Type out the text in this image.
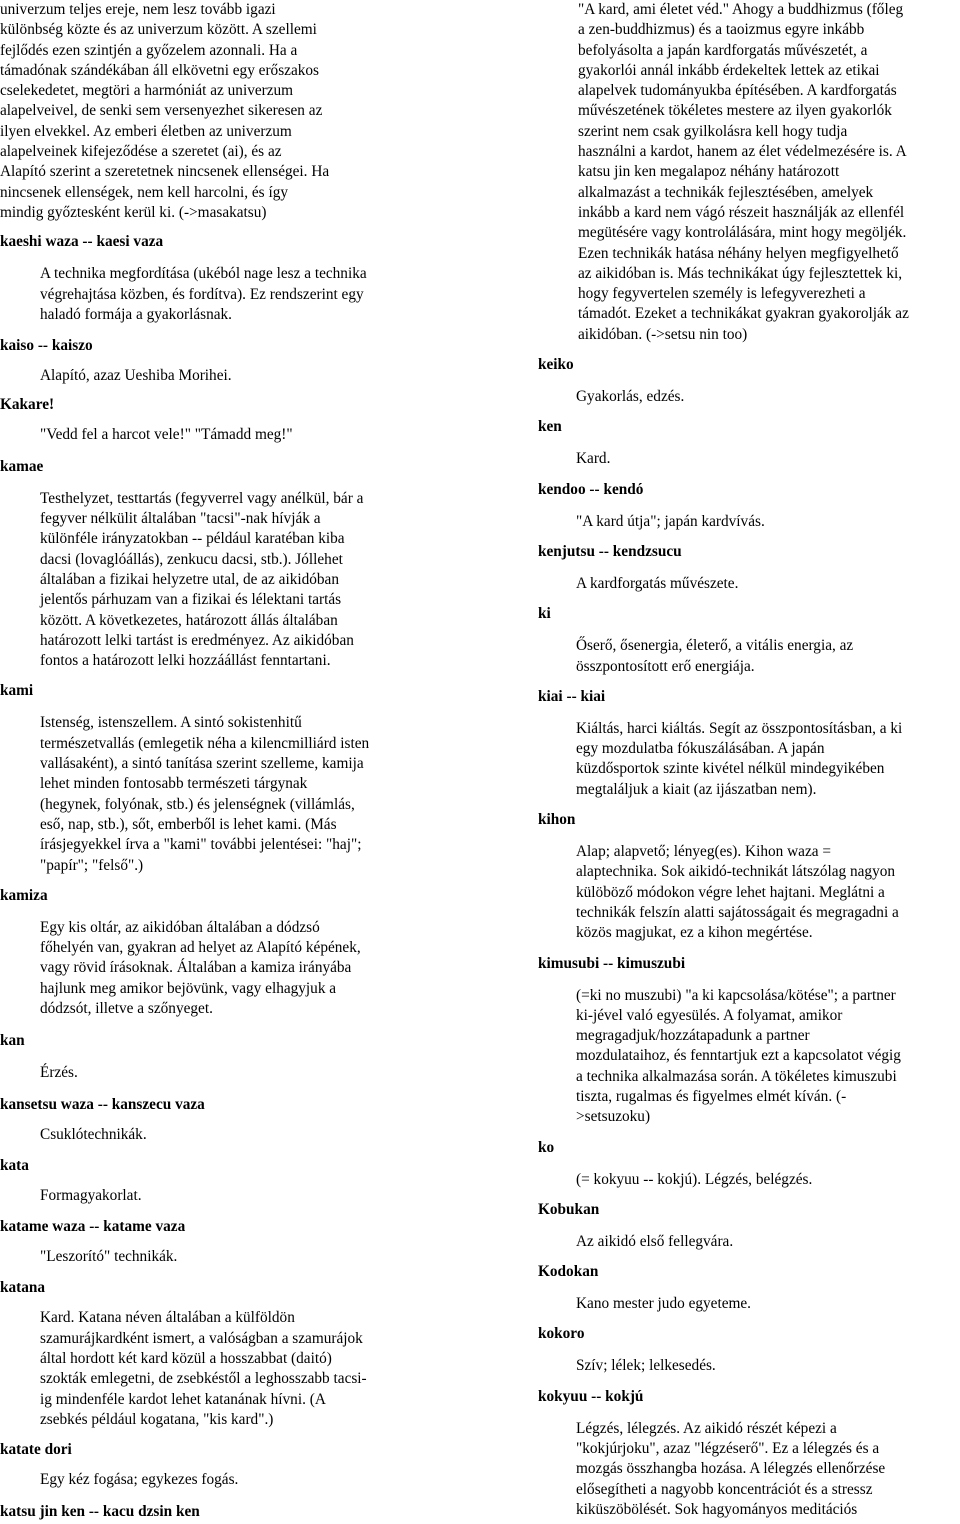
univerzum teljes ereje, nem lesz tovább igazi
különbség közte és az univerzum között. A szellemi
fejlődés ezen szintjén a győzelem azonnali. Ha a
támadónak szándékában áll elkövetni egy erőszakos
cselekedetet, megtöri a harmóniát az univerzum
alapelveivel, de senki sem versenyezhet sikeresen az
ilyen elvekkel. Az emberi életben az univerzum
alapelveinek kifejeződése a szeretet (ai), és az
Alapító szerint a szeretetnek nincsenek ellenségei. Ha
nincsenek ellenségek, nem kell harcolni, és így
mindig győztesként kerül ki. (->masakatsu)

kaeshi waza -- kaesi vaza

A technika megfordítása (ukéból nage lesz a technika
végrehajtása közben, és fordítva). Ez rendszerint egy
haladó formája a gyakorlásnak.

kaiso -- kaiszo

Alapító, azaz Ueshiba Morihei.

Kakare!

"Vedd fel a harcot vele!" "Támadd meg!"

kamae

Testhelyzet, testtartás (fegyverrel vagy anélkül, bár a
fegyver nélkülit általában "tacsi"-nak hívják a
különféle irányzatokban -- például karatéban kiba
dacsi (lovaglóállás), zenkucu dacsi, stb.). Jóllehet
általában a fizikai helyzetre utal, de az aikidóban
jelentős párhuzam van a fizikai és lélektani tartás
között. A következetes, határozott állás általában
határozott lelki tartást is eredményez. Az aikidóban
fontos a határozott lelki hozzáállást fenntartani.

kami

Istenség, istenszellem. A sintó sokistenhitű
természetvallás (emlegetik néha a kilencmilliárd isten
vallásaként), a sintó tanítása szerint szelleme, kamija
lehet minden fontosabb természeti tárgynak
(hegynek, folyónak, stb.) és jelenségnek (villámlás,
eső, nap, stb.), sőt, emberből is lehet kami. (Más
írásjegyekkel írva a "kami" további jelentései: "haj";
"papír"; "felső".)

kamiza

Egy kis oltár, az aikidóban általában a dódzsó
főhelyén van, gyakran ad helyet az Alapító képének,
vagy rövid írásoknak. Általában a kamiza irányába
hajlunk meg amikor bejövünk, vagy elhagyjuk a
dódzsót, illetve a szőnyeget.

kan

Érzés.

kansetsu waza -- kanszecu vaza

Csuklótechnikák.

kata

Formagyakorlat.

katame waza -- katame vaza

"Leszorító" technikák.

katana

Kard. Katana néven általában a külföldön
szamurájkardként ismert, a valóságban a szamurájok
által hordott két kard közül a hosszabbat (daitó)
szokták emlegetni, de zsebkéstől a leghosszabb tacsi-
ig mindenféle kardot lehet katanának hívni. (A
zsebkés például kogatana, "kis kard".)

katate dori

Egy kéz fogása; egykezes fogás.

katsu jin ken -- kacu dzsin ken

"A kard, ami életet véd." Ahogy a buddhizmus (főleg
a zen-buddhizmus) és a taoizmus egyre inkább
befolyásolta a japán kardforgatás művészetét, a
gyakorlói annál inkább érdekeltek lettek az etikai
alapelvek tudományukba építésében. A kardforgatás
művészetének tökéletes mestere az ilyen gyakorlók
szerint nem csak gyilkolásra kell hogy tudja
használni a kardot, hanem az élet védelmezésére is. A
katsu jin ken megalapoz néhány határozott
alkalmazást a technikák fejlesztésében, amelyek
inkább a kard nem vágó részeit használják az ellenfél
megütésére vagy kontrolálására, mint hogy megöljék.
Ezen technikák hatása néhány helyen megfigyelhető
az aikidóban is. Más technikákat úgy fejlesztettek ki,
hogy fegyvertelen személy is lefegyverezheti a
támadót. Ezeket a technikákat gyakran gyakorolják az
aikidóban. (->setsu nin too)

keiko

Gyakorlás, edzés.

ken

Kard.

kendoo -- kendó

"A kard útja"; japán kardvívás.

kenjutsu -- kendzsucu

A kardforgatás művészete.

ki

Őserő, ősenergia, életerő, a vitális energia, az
összpontosított erő energiája.

kiai -- kiai

Kiáltás, harci kiáltás. Segít az összpontosításban, a ki
egy mozdulatba fókuszálásában. A japán
küzdősportok szinte kivétel nélkül mindegyikében
megtaláljuk a kiait (az ijászatban nem).

kihon

Alap; alapvető; lényeg(es). Kihon waza =
alaptechnika. Sok aikidó-technikát látszólag nagyon
külöböző módokon végre lehet hajtani. Meglátni a
technikák felszín alatti sajátosságait és megragadni a
közös magjukat, ez a kihon megértése.

kimusubi -- kimuszubi

(=ki no muszubi) "a ki kapcsolása/kötése"; a partner
ki-jével való egyesülés. A folyamat, amikor
megragadjuk/hozzátapadunk a partner
mozdulataihoz, és fenntartjuk ezt a kapcsolatot végig
a technika alkalmazása során. A tökéletes kimuszubi
tiszta, rugalmas és figyelmes elmét kíván. (-
>setsuzoku)

ko

(= kokyuu -- kokjú). Légzés, belégzés.

Kobukan

Az aikidó első fellegvára.

Kodokan

Kano mester judo egyeteme.

kokoro

Szív; lélek; lelkesedés.

kokyuu -- kokjú

Légzés, lélegzés. Az aikidó részét képezi a
"kokjúrjoku", azaz "légzéserő". Ez a lélegzés és a
mozgás összhangba hozása. A lélegzés ellenőrzése
elősegítheti a nagyobb koncentrációt és a stressz
kiküszöbölését. Sok hagyományos meditációs
